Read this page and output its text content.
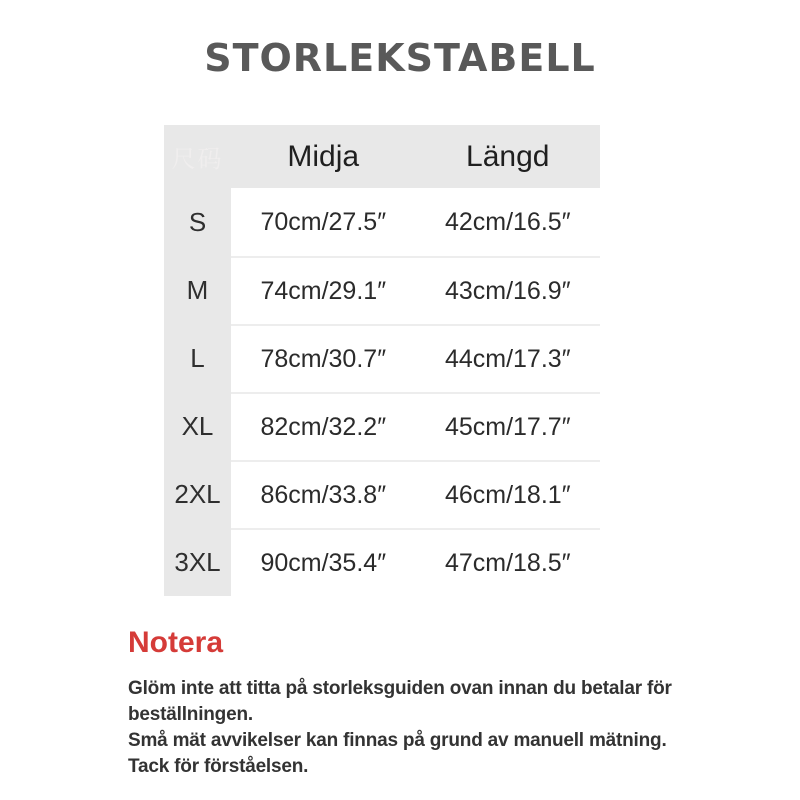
STORLEKSTABELL
尺码	Midja	Längd
S	70cm/27.5″	42cm/16.5″
M	74cm/29.1″	43cm/16.9″
L	78cm/30.7″	44cm/17.3″
XL	82cm/32.2″	45cm/17.7″
2XL	86cm/33.8″	46cm/18.1″
3XL	90cm/35.4″	47cm/18.5″

Notera

Glöm inte att titta på storleksguiden ovan innan du betalar för beställningen.

Små mät avvikelser kan finnas på grund av manuell mätning.

Tack för förståelsen.
